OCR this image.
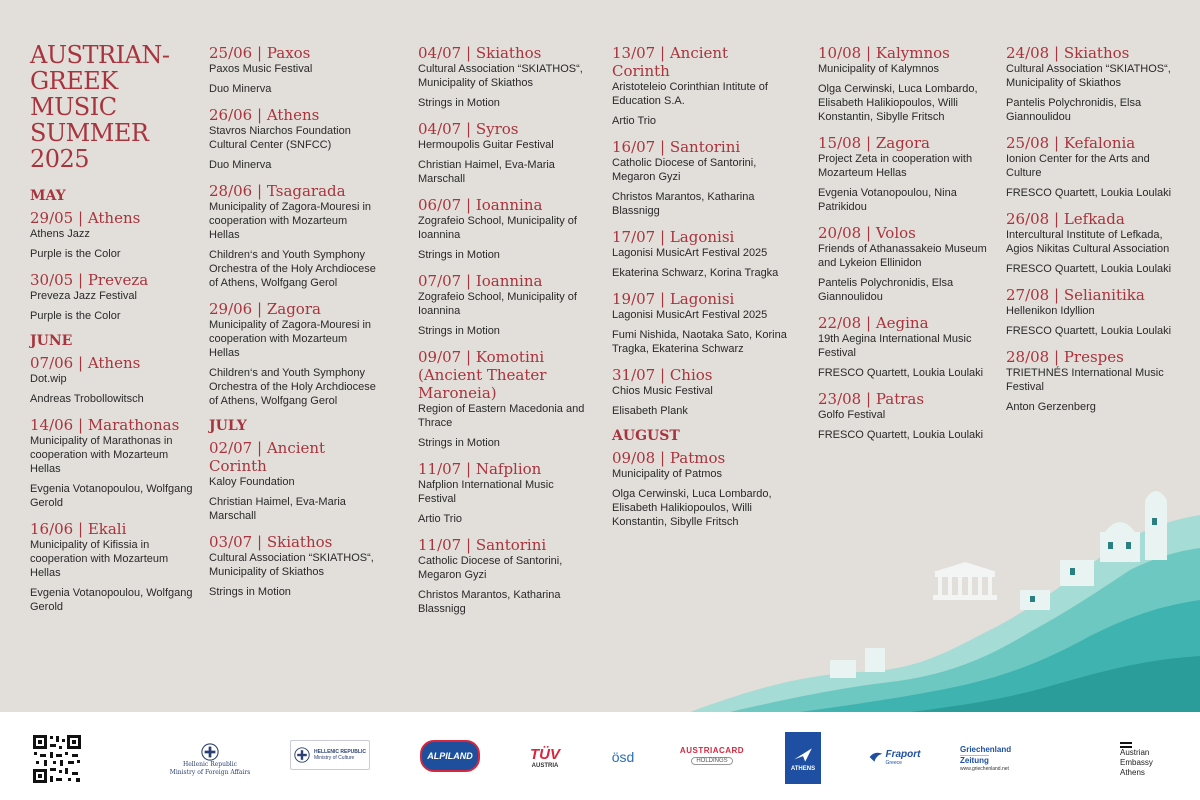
AUSTRIAN-
GREEK
MUSIC
SUMMER
2025
MAY
29/05 | Athens
Athens Jazz
Purple is the Color
30/05 | Preveza
Preveza Jazz Festival
Purple is the Color
JUNE
07/06 | Athens
Dot.wip
Andreas Trobollowitsch
14/06 | Marathonas
Municipality of Marathonas in cooperation with Mozarteum Hellas
Evgenia Votanopoulou, Wolfgang Gerold
16/06 | Ekali
Municipality of Kifissia in cooperation with Mozarteum Hellas
Evgenia Votanopoulou, Wolfgang Gerold
25/06 | Paxos
Paxos Music Festival
Duo Minerva
26/06 | Athens
Stavros Niarchos Foundation Cultural Center (SNFCC)
Duo Minerva
28/06 | Tsagarada
Municipality of Zagora-Mouresi in cooperation with Mozarteum Hellas
Children‘s and Youth Symphony Orchestra of the Holy Archdiocese of Athens, Wolfgang Gerol
29/06 | Zagora
Municipality of Zagora-Mouresi in cooperation with Mozarteum Hellas
Children‘s and Youth Symphony Orchestra of the Holy Archdiocese of Athens, Wolfgang Gerol
JULY
02/07 | Ancient Corinth
Kaloy Foundation
Christian Haimel, Eva-Maria Marschall
03/07 | Skiathos
Cultural Association “SKIATHOS“, Municipality of Skiathos
Strings in Motion
04/07 | Skiathos
Cultural Association “SKIATHOS“, Municipality of Skiathos
Strings in Motion
04/07 | Syros
Hermoupolis Guitar Festival
Christian Haimel, Eva-Maria Marschall
06/07 | Ioannina
Zografeio School, Municipality of Ioannina
Strings in Motion
07/07 | Ioannina
Zografeio School, Municipality of Ioannina
Strings in Motion
09/07 | Komotini (Ancient Theater Maroneia)
Region of Eastern Macedonia and Thrace
Strings in Motion
11/07 | Nafplion
Nafplion International Music Festival
Artio Trio
11/07 | Santorini
Catholic Diocese of Santorini, Megaron Gyzi
Christos Marantos, Katharina Blassnigg
13/07 | Ancient Corinth
Aristoteleio Corinthian Intitute of Education S.A.
Artio Trio
16/07 | Santorini
Catholic Diocese of Santorini, Megaron Gyzi
Christos Marantos, Katharina Blassnigg
17/07 | Lagonisi
Lagonisi MusicArt Festival 2025
Ekaterina Schwarz, Korina Tragka
19/07 | Lagonisi
Lagonisi MusicArt Festival 2025
Fumi Nishida, Naotaka Sato, Korina Tragka, Ekaterina Schwarz
31/07 | Chios
Chios Music Festival
Elisabeth Plank
AUGUST
09/08 | Patmos
Municipality of Patmos
Olga Cerwinski, Luca Lombardo, Elisabeth Halikiopoulos, Willi Konstantin, Sibylle Fritsch
10/08 | Kalymnos
Municipality of Kalymnos
Olga Cerwinski, Luca Lombardo, Elisabeth Halikiopoulos, Willi Konstantin, Sibylle Fritsch
15/08 | Zagora
Project Zeta in cooperation with Mozarteum Hellas
Evgenia Votanopoulou, Nina Patrikidou
20/08 | Volos
Friends of Athanassakeio Museum and Lykeion Ellinidon
Pantelis Polychronidis, Elsa Giannoulidou
22/08 | Aegina
19th Aegina International Music Festival
FRESCO Quartett, Loukia Loulaki
23/08 | Patras
Golfo Festival
FRESCO Quartett, Loukia Loulaki
24/08 | Skiathos
Cultural Association “SKIATHOS“, Municipality of Skiathos
Pantelis Polychronidis, Elsa Giannoulidou
25/08 | Kefalonia
Ionion Center for the Arts and Culture
FRESCO Quartett, Loukia Loulaki
26/08 | Lefkada
Intercultural Institute of Lefkada, Agios Nikitas Cultural Association
FRESCO Quartett, Loukia Loulaki
27/08 | Selianitika
Hellenikon Idyllion
FRESCO Quartett, Loukia Loulaki
28/08 | Prespes
TRIETHNÉS International Music Festival
Anton Gerzenberg
Hellenic Republic
Ministry of Foreign Affairs
HELLENIC REPUBLIC
Ministry of Culture	ALPILAND	TÜV
AUSTRIA
ösd	AUSTRIACARD
HOLDINGS
ATHENS
Fraport
Greece
Griechenland
Zeitung
www.griechenland.net
Austrian
Embassy
Athens
